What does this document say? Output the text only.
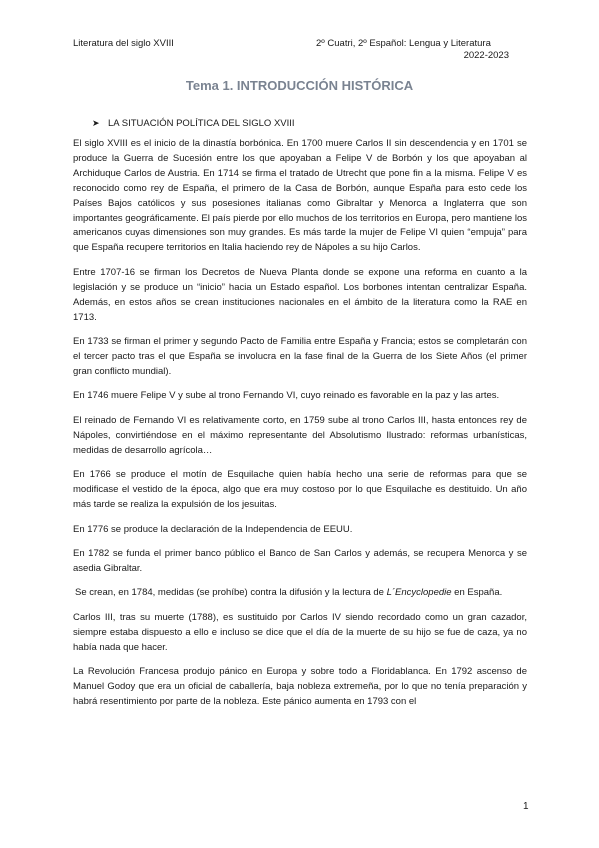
Literatura del siglo XVIII	2º Cuatri, 2º Español: Lengua y Literatura
2022-2023
Tema 1. INTRODUCCIÓN HISTÓRICA
➤ LA SITUACIÓN POLÍTICA DEL SIGLO XVIII

El siglo XVIII es el inicio de la dinastía borbónica. En 1700 muere Carlos II sin descendencia y en 1701 se produce la Guerra de Sucesión entre los que apoyaban a Felipe V de Borbón y los que apoyaban al Archiduque Carlos de Austria. En 1714 se firma el tratado de Utrecht que pone fin a la misma. Felipe V es reconocido como rey de España, el primero de la Casa de Borbón, aunque España para esto cede los Países Bajos católicos y sus posesiones italianas como Gibraltar y Menorca a Inglaterra que son importantes geográficamente. El país pierde por ello muchos de los territorios en Europa, pero mantiene los americanos cuyas dimensiones son muy grandes. Es más tarde la mujer de Felipe VI quien “empuja” para que España recupere territorios en Italia haciendo rey de Nápoles a su hijo Carlos.

Entre 1707-16 se firman los Decretos de Nueva Planta donde se expone una reforma en cuanto a la legislación y se produce un “inicio” hacia un Estado español. Los borbones intentan centralizar España. Además, en estos años se crean instituciones nacionales en el ámbito de la literatura como la RAE en 1713.

En 1733 se firman el primer y segundo Pacto de Familia entre España y Francia; estos se completarán con el tercer pacto tras el que España se involucra en la fase final de la Guerra de los Siete Años (el primer gran conflicto mundial).

En 1746 muere Felipe V y sube al trono Fernando VI, cuyo reinado es favorable en la paz y las artes.

El reinado de Fernando VI es relativamente corto, en 1759 sube al trono Carlos III, hasta entonces rey de Nápoles, convirtiéndose en el máximo representante del Absolutismo Ilustrado: reformas urbanísticas, medidas de desarrollo agrícola…

En 1766 se produce el motín de Esquilache quien había hecho una serie de reformas para que se modificase el vestido de la época, algo que era muy costoso por lo que Esquilache es destituido. Un año más tarde se realiza la expulsión de los jesuitas.

En 1776 se produce la declaración de la Independencia de EEUU.

En 1782 se funda el primer banco público el Banco de San Carlos y además, se recupera Menorca y se asedia Gibraltar.

Se crean, en 1784, medidas (se prohíbe) contra la difusión y la lectura de L´Encyclopedie en España.

Carlos III, tras su muerte (1788), es sustituido por Carlos IV siendo recordado como un gran cazador, siempre estaba dispuesto a ello e incluso se dice que el día de la muerte de su hijo se fue de caza, ya no había nada que hacer.

La Revolución Francesa produjo pánico en Europa y sobre todo a Floridablanca. En 1792 ascenso de Manuel Godoy que era un oficial de caballería, baja nobleza extremeña, por lo que no tenía preparación y habrá resentimiento por parte de la nobleza. Este pánico aumenta en 1793 con el

1
